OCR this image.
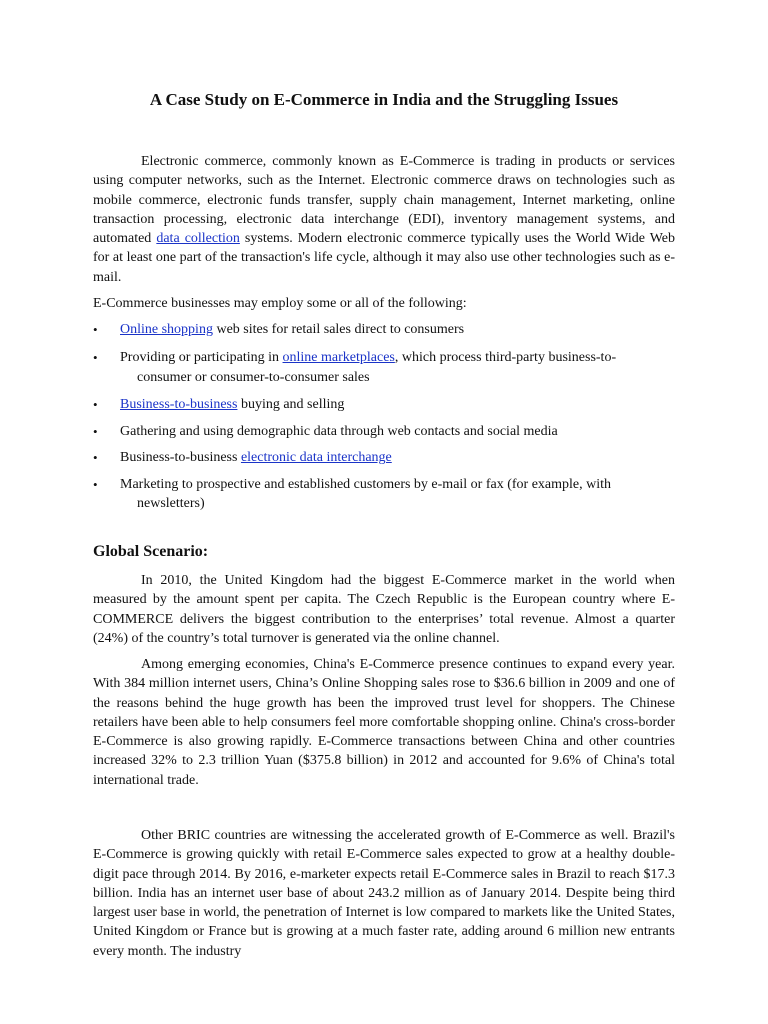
A Case Study on E-Commerce in India and the Struggling Issues

Electronic commerce, commonly known as E-Commerce is trading in products or services using computer networks, such as the Internet. Electronic commerce draws on technologies such as mobile commerce, electronic funds transfer, supply chain management, Internet marketing, online transaction processing, electronic data interchange (EDI), inventory management systems, and automated data collection systems. Modern electronic commerce typically uses the World Wide Web for at least one part of the transaction's life cycle, although it may also use other technologies such as e-mail.

E-Commerce businesses may employ some or all of the following:

• Online shopping web sites for retail sales direct to consumers
• Providing or participating in online marketplaces, which process third-party business-to-
consumer or consumer-to-consumer sales
• Business-to-business buying and selling
• Gathering and using demographic data through web contacts and social media
• Business-to-business electronic data interchange
• Marketing to prospective and established customers by e-mail or fax (for example, with
newsletters)
Global Scenario:

In 2010, the United Kingdom had the biggest E-Commerce market in the world when measured by the amount spent per capita. The Czech Republic is the European country where E-COMMERCE delivers the biggest contribution to the enterprises’ total revenue. Almost a quarter (24%) of the country’s total turnover is generated via the online channel.

Among emerging economies, China's E-Commerce presence continues to expand every year. With 384 million internet users, China’s Online Shopping sales rose to $36.6 billion in 2009 and one of the reasons behind the huge growth has been the improved trust level for shoppers. The Chinese retailers have been able to help consumers feel more comfortable shopping online. China's cross-border E-Commerce is also growing rapidly. E-Commerce transactions between China and other countries increased 32% to 2.3 trillion Yuan ($375.8 billion) in 2012 and accounted for 9.6% of China's total international trade.

Other BRIC countries are witnessing the accelerated growth of E-Commerce as well. Brazil's E-Commerce is growing quickly with retail E-Commerce sales expected to grow at a healthy double-digit pace through 2014. By 2016, e-marketer expects retail E-Commerce sales in Brazil to reach $17.3 billion. India has an internet user base of about 243.2 million as of January 2014. Despite being third largest user base in world, the penetration of Internet is low compared to markets like the United States, United Kingdom or France but is growing at a much faster rate, adding around 6 million new entrants every month. The industry
